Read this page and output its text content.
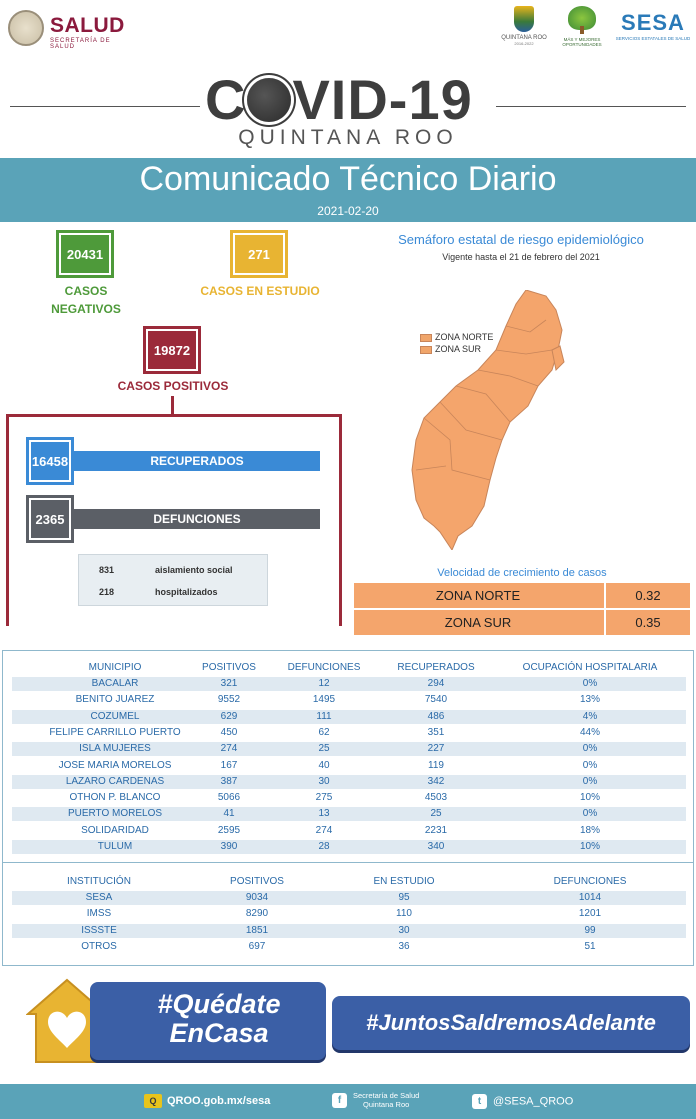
SALUD
SECRETARÍA DE SALUD
QUINTANA ROO
2016-2022
MÁS Y MEJORES OPORTUNIDADES
SESA
SERVICIOS ESTATALES DE SALUD
C VID-19
QUINTANA ROO
Comunicado Técnico Diario
2021-02-20
20431
CASOS NEGATIVOS
271
CASOS EN ESTUDIO
19872
CASOS POSITIVOS
RECUPERADOS
16458
DEFUNCIONES
2365
831	aislamiento social
218	hospitalizados
Semáforo estatal de riesgo epidemiológico
Vigente hasta el 21 de febrero del 2021
ZONA NORTE
ZONA SUR
Velocidad de crecimiento de casos
ZONA NORTE	0.32
ZONA SUR	0.35
MUNICIPIO	POSITIVOS	DEFUNCIONES	RECUPERADOS	OCUPACIÓN HOSPITALARIA
BACALAR	321	12	294	0%
BENITO JUAREZ	9552	1495	7540	13%
COZUMEL	629	111	486	4%
FELIPE CARRILLO PUERTO	450	62	351	44%
ISLA MUJERES	274	25	227	0%
JOSE MARIA MORELOS	167	40	119	0%
LAZARO CARDENAS	387	30	342	0%
OTHON P. BLANCO	5066	275	4503	10%
PUERTO MORELOS	41	13	25	0%
SOLIDARIDAD	2595	274	2231	18%
TULUM	390	28	340	10%
INSTITUCIÓN	POSITIVOS	EN ESTUDIO	DEFUNCIONES
SESA	9034	95	1014
IMSS	8290	110	1201
ISSSTE	1851	30	99
OTROS	697	36	51
#Quédate
EnCasa	#JuntosSaldremosAdelante
Q QROO.gob.mx/sesa	f Secretaría de Salud
Quintana Roo	t @SESA_QROO
